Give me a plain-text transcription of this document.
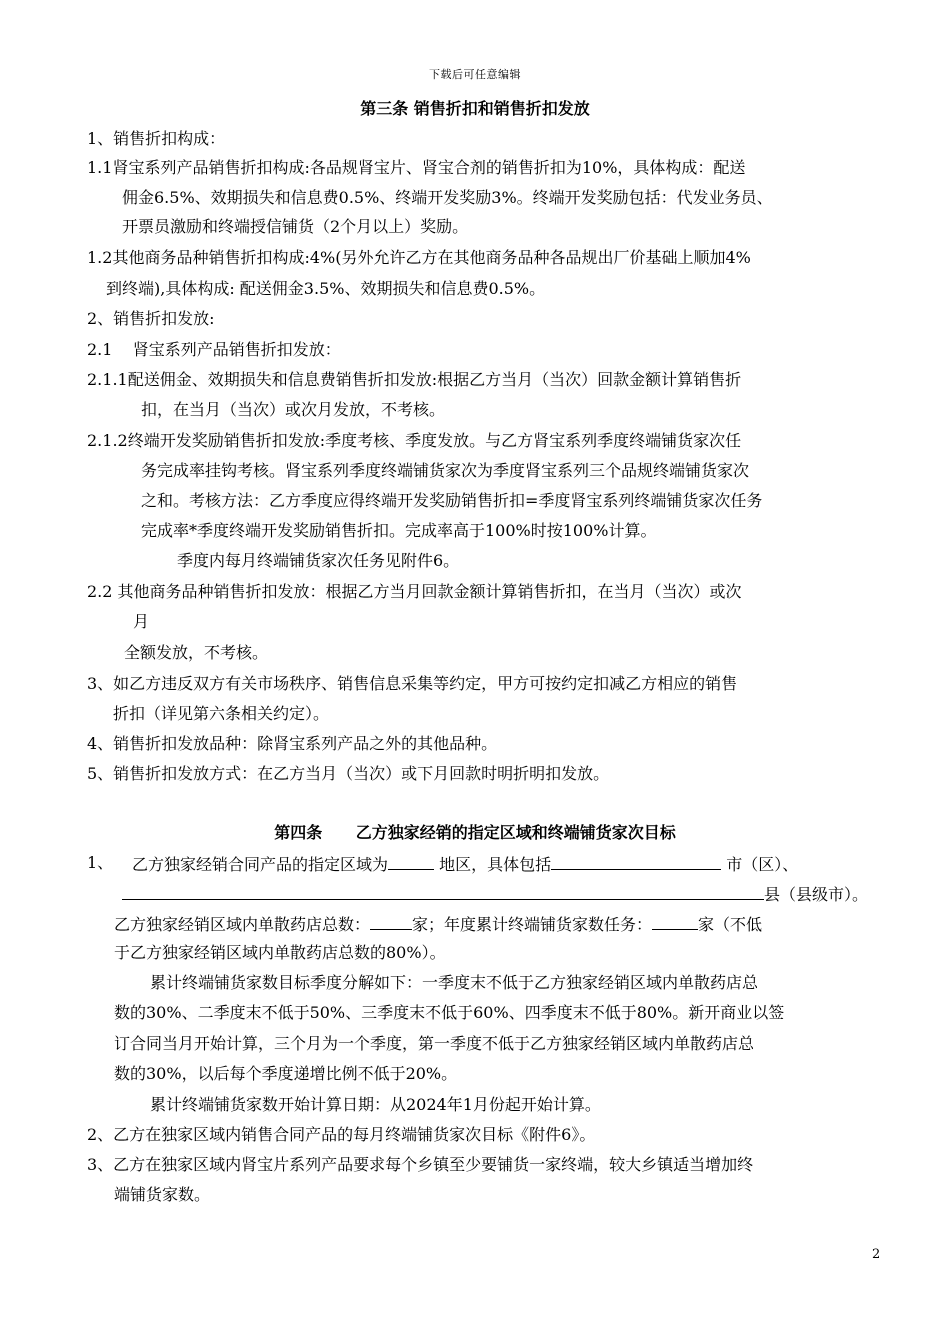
下载后可任意编辑
第三条 销售折扣和销售折扣发放
1、销售折扣构成：
1.1肾宝系列产品销售折扣构成:各品规肾宝片、肾宝合剂的销售折扣为10%，具体构成：配送
佣金6.5%、效期损失和信息费0.5%、终端开发奖励3%。终端开发奖励包括：代发业务员、
开票员激励和终端授信铺货（2个月以上）奖励。
1.2其他商务品种销售折扣构成:4%(另外允许乙方在其他商务品种各品规出厂价基础上顺加4%
到终端),具体构成: 配送佣金3.5%、效期损失和信息费0.5%。
2、销售折扣发放:
2.1    肾宝系列产品销售折扣发放：
2.1.1配送佣金、效期损失和信息费销售折扣发放:根据乙方当月（当次）回款金额计算销售折
扣，在当月（当次）或次月发放，不考核。
2.1.2终端开发奖励销售折扣发放:季度考核、季度发放。与乙方肾宝系列季度终端铺货家次任
务完成率挂钩考核。肾宝系列季度终端铺货家次为季度肾宝系列三个品规终端铺货家次
之和。考核方法：乙方季度应得终端开发奖励销售折扣=季度肾宝系列终端铺货家次任务
完成率*季度终端开发奖励销售折扣。完成率高于100%时按100%计算。
季度内每月终端铺货家次任务见附件6。
2.2 其他商务品种销售折扣发放：根据乙方当月回款金额计算销售折扣，在当月（当次）或次
月
全额发放，不考核。
3、如乙方违反双方有关市场秩序、销售信息采集等约定，甲方可按约定扣减乙方相应的销售
折扣（详见第六条相关约定）。
4、销售折扣发放品种：除肾宝系列产品之外的其他品种。
5、销售折扣发放方式：在乙方当月（当次）或下月回款时明折明扣发放。
第四条      乙方独家经销的指定区域和终端铺货家次目标
1、 乙方独家经销合同产品的指定区域为	地区，具体包括	市（区）、
县（县级市）。
乙方独家经销区域内单散药店总数：	家；年度累计终端铺货家数任务：	家（不低
于乙方独家经销区域内单散药店总数的80%）。
累计终端铺货家数目标季度分解如下：一季度末不低于乙方独家经销区域内单散药店总
数的30%、二季度末不低于50%、三季度末不低于60%、四季度末不低于80%。新开商业以签
订合同当月开始计算，三个月为一个季度，第一季度不低于乙方独家经销区域内单散药店总
数的30%，以后每个季度递增比例不低于20%。
累计终端铺货家数开始计算日期：从2024年1月份起开始计算。
2、乙方在独家区域内销售合同产品的每月终端铺货家次目标《附件6》。
3、乙方在独家区域内肾宝片系列产品要求每个乡镇至少要铺货一家终端，较大乡镇适当增加终
端铺货家数。
2
